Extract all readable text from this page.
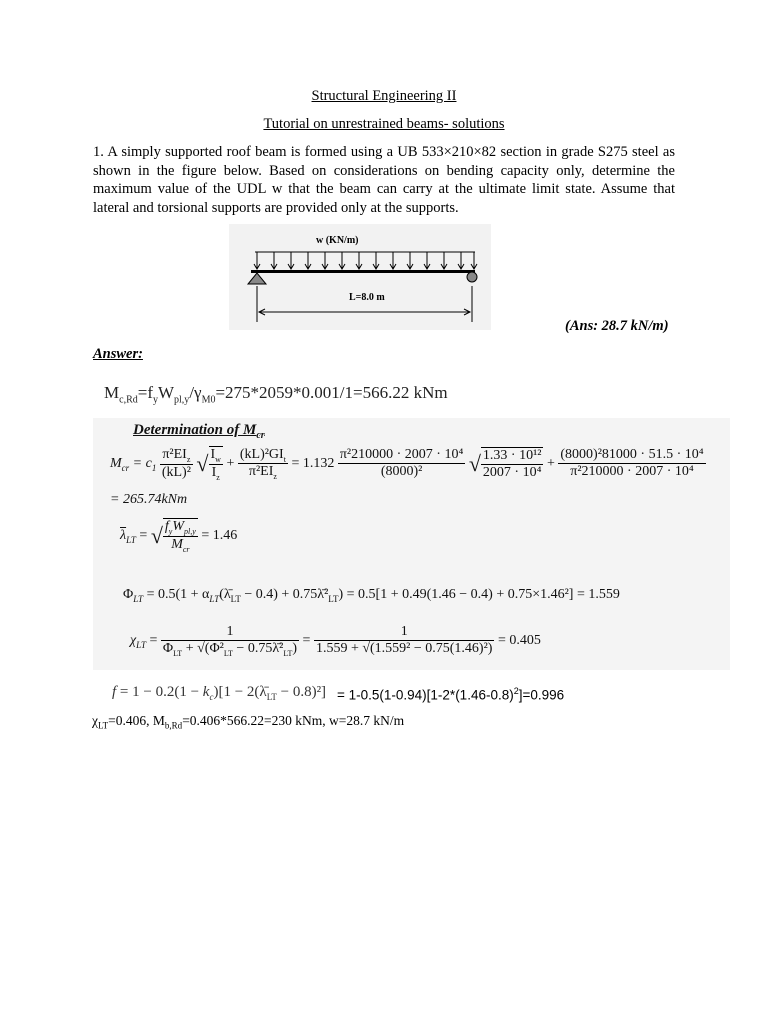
Structural Engineering II
Tutorial on unrestrained beams- solutions
1. A simply supported roof beam is formed using a UB 533×210×82 section in grade S275 steel as shown in the figure below. Based on considerations on bending capacity only, determine the maximum value of the UDL w that the beam can carry at the ultimate limit state. Assume that lateral and torsional supports are provided only at the supports.
w (KN/m)
L=8.0 m
(Ans: 28.7 kN/m)
Answer:
$M_{c,Rd}=f_yW_{pl,y}/\gamma_{M0}=275*2059*0.001/1=566.22$ kNm
Determination of $M_{cr}$
$M_{cr} = c_1 \frac{\pi^2EI_z}{\text{(kL)²}}$ √ $\frac{I_w}{I_z} + \frac{(kL)^2GI_t}{\pi^2EI_z} = 1.132 \frac{\text{π²210000 · 2007 · 10⁴}}{\text{(8000)²}}$ √ $\frac{\text{1.33 · 10¹²}}{\text{2007 · 10⁴}} + \frac{\text{(8000)²81000 · 51.5 · 10⁴}}{\text{π²210000 · 2007 · 10⁴}}$
= 265.74kNm
$\overline{\lambda}_{LT}$ = √ $\frac{f_yW_{pl,y}}{M_{cr}} = 1.46$
$\Phi_{LT} = 0.5(1$ + $\alpha_{LT}(\lambdā_{LT} - 0.4)$ + $0.75\lambdā^2_{LT}) = 0.5[1 + 0.49(1.46 - 0.4) + 0.75\times 1.46^2] = 1.559$
$\chi_{LT} = \frac{1}{\Phi_{LT} + √(\Phi^2_{LT} - 0.75\lambdā^2_{LT})} = \frac{1}{\text{1.559 + √(1.559² − 0.75(1.46)²)}} = 0.405$
$f = 1 - 0.2(1 - k_c)[1$ − $2(\lambdā_{LT} - 0.8)^2] = 1-0.5(1-0.94)[1-2*(1.46-0.8)^2]=0.996$
$\chi_{LT}=0.406$, $M_{b,Rd}=0.406*566.22=230$ kNm, w=28.7 kN/m
